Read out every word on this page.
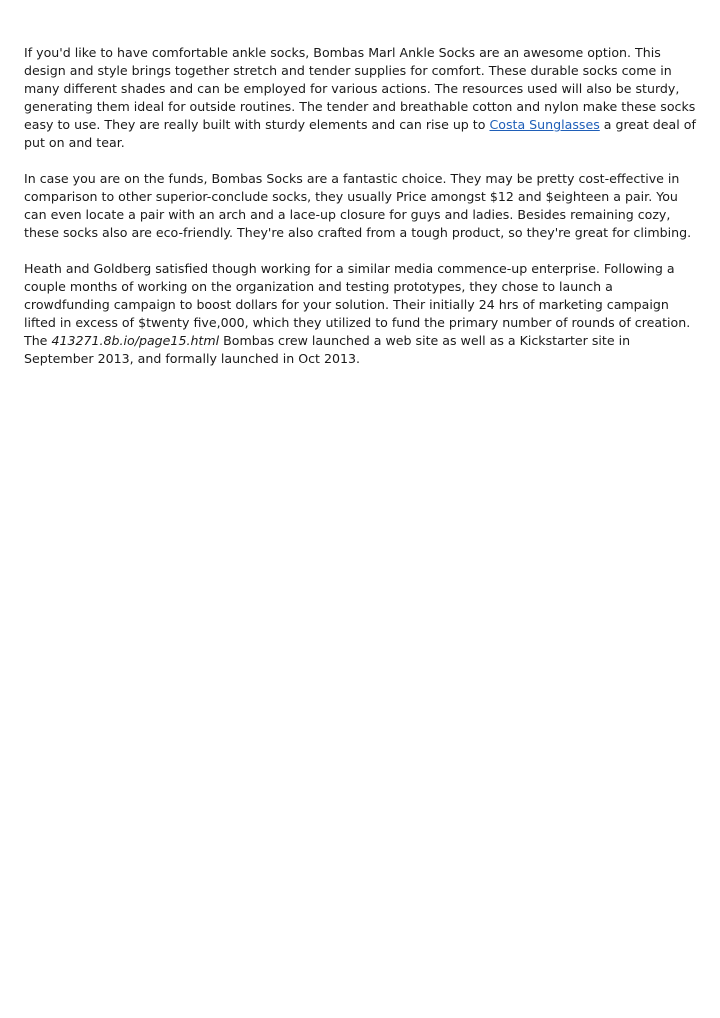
If you'd like to have comfortable ankle socks, Bombas Marl Ankle Socks are an awesome option. This design and style brings together stretch and tender supplies for comfort. These durable socks come in many different shades and can be employed for various actions. The resources used will also be sturdy, generating them ideal for outside routines. The tender and breathable cotton and nylon make these socks easy to use. They are really built with sturdy elements and can rise up to Costa Sunglasses a great deal of put on and tear.

In case you are on the funds, Bombas Socks are a fantastic choice. They may be pretty cost-effective in comparison to other superior-conclude socks, they usually Price amongst $12 and $eighteen a pair. You can even locate a pair with an arch and a lace-up closure for guys and ladies. Besides remaining cozy, these socks also are eco-friendly. They're also crafted from a tough product, so they're great for climbing.

Heath and Goldberg satisfied though working for a similar media commence-up enterprise. Following a couple months of working on the organization and testing prototypes, they chose to launch a crowdfunding campaign to boost dollars for your solution. Their initially 24 hrs of marketing campaign lifted in excess of $twenty five,000, which they utilized to fund the primary number of rounds of creation. The 413271.8b.io/page15.html Bombas crew launched a web site as well as a Kickstarter site in September 2013, and formally launched in Oct 2013.
